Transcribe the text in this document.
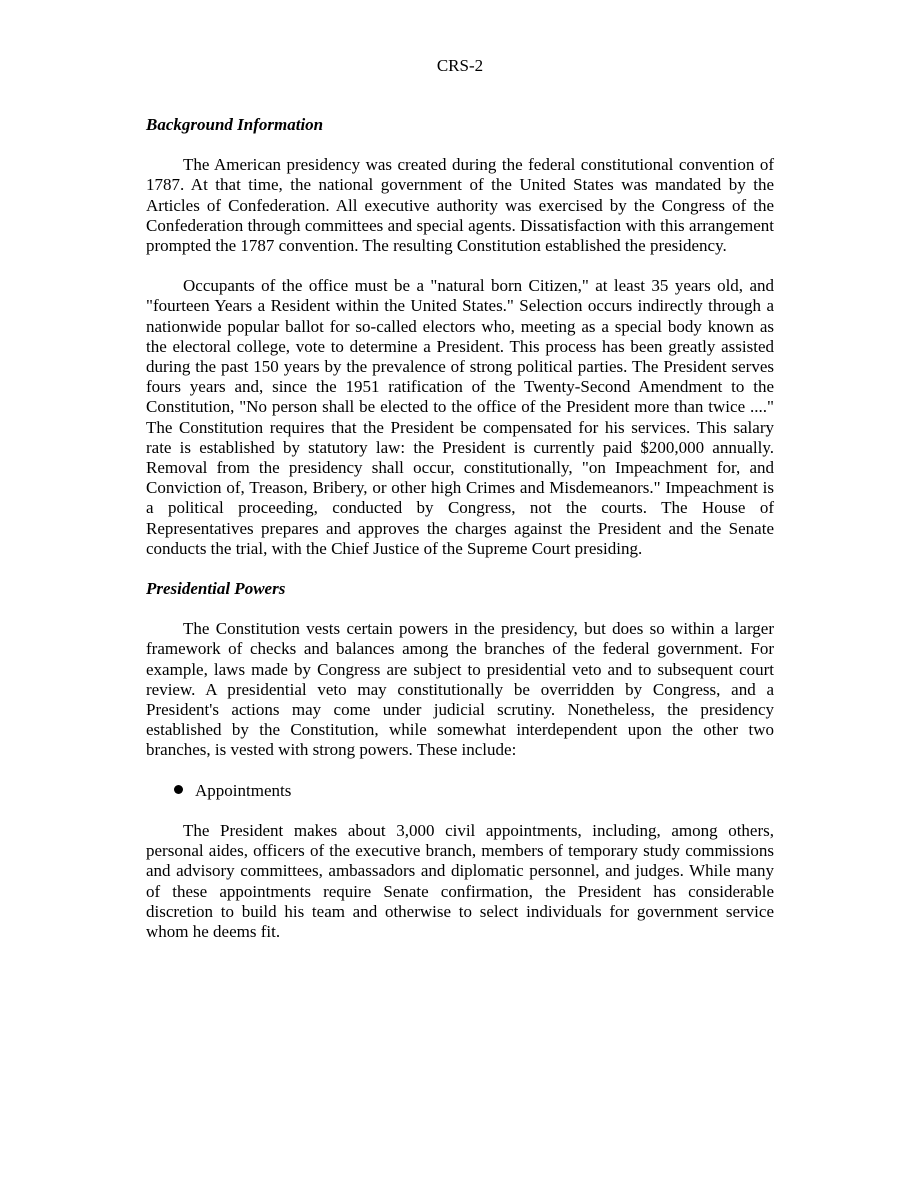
CRS-2
Background Information

The American presidency was created during the federal constitutional convention of 1787. At that time, the national government of the United States was mandated by the Articles of Confederation. All executive authority was exercised by the Congress of the Confederation through committees and special agents. Dissatisfaction with this arrangement prompted the 1787 convention. The resulting Constitution established the presidency.

Occupants of the office must be a "natural born Citizen," at least 35 years old, and "fourteen Years a Resident within the United States." Selection occurs indirectly through a nationwide popular ballot for so-called electors who, meeting as a special body known as the electoral college, vote to determine a President. This process has been greatly assisted during the past 150 years by the prevalence of strong political parties. The President serves fours years and, since the 1951 ratification of the Twenty-Second Amendment to the Constitution, "No person shall be elected to the office of the President more than twice ...." The Constitution requires that the President be compensated for his services. This salary rate is established by statutory law: the President is currently paid $200,000 annually. Removal from the presidency shall occur, constitutionally, "on Impeachment for, and Conviction of, Treason, Bribery, or other high Crimes and Misdemeanors." Impeachment is a political proceeding, conducted by Congress, not the courts. The House of Representatives prepares and approves the charges against the President and the Senate conducts the trial, with the Chief Justice of the Supreme Court presiding.

Presidential Powers

The Constitution vests certain powers in the presidency, but does so within a larger framework of checks and balances among the branches of the federal government. For example, laws made by Congress are subject to presidential veto and to subsequent court review. A presidential veto may constitutionally be overridden by Congress, and a President's actions may come under judicial scrutiny. Nonetheless, the presidency established by the Constitution, while somewhat interdependent upon the other two branches, is vested with strong powers. These include:

Appointments

The President makes about 3,000 civil appointments, including, among others, personal aides, officers of the executive branch, members of temporary study commissions and advisory committees, ambassadors and diplomatic personnel, and judges. While many of these appointments require Senate confirmation, the President has considerable discretion to build his team and otherwise to select individuals for government service whom he deems fit.
